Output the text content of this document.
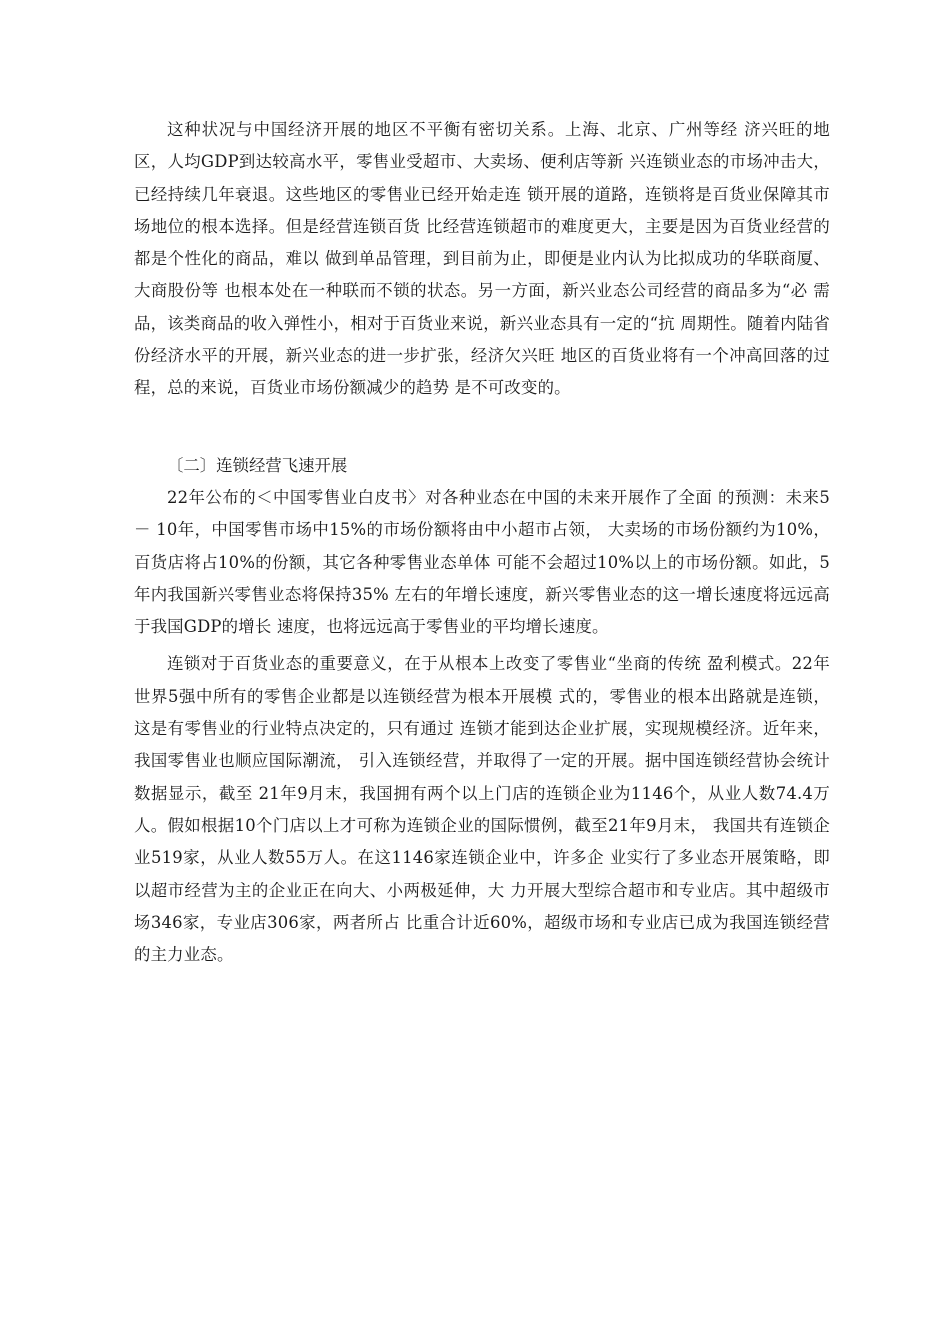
这种状况与中国经济开展的地区不平衡有密切关系。上海、北京、广州等经 济兴旺的地区，人均GDP到达较高水平，零售业受超市、大卖场、便利店等新 兴连锁业态的市场冲击大，已经持续几年衰退。这些地区的零售业已经开始走连 锁开展的道路，连锁将是百货业保障其市场地位的根本选择。但是经营连锁百货 比经营连锁超市的难度更大，主要是因为百货业经营的都是个性化的商品，难以 做到单品管理，到目前为止，即便是业内认为比拟成功的华联商厦、大商股份等 也根本处在一种联而不锁的状态。另一方面，新兴业态公司经营的商品多为“必 需品，该类商品的收入弹性小，相对于百货业来说，新兴业态具有一定的“抗 周期性。随着内陆省份经济水平的开展，新兴业态的进一步扩张，经济欠兴旺 地区的百货业将有一个冲高回落的过程，总的来说，百货业市场份额减少的趋势 是不可改变的。

〔二〕连锁经营飞速开展

22年公布的＜中国零售业白皮书〉对各种业态在中国的未来开展作了全面 的预测：未来5 － 10年，中国零售市场中15%的市场份额将由中小超市占领， 大卖场的市场份额约为10%，百货店将占10%的份额，其它各种零售业态单体 可能不会超过10%以上的市场份额。如此，5年内我国新兴零售业态将保持35% 左右的年增长速度，新兴零售业态的这一增长速度将远远高于我国GDP的增长 速度，也将远远高于零售业的平均增长速度。

连锁对于百货业态的重要意义，在于从根本上改变了零售业“坐商的传统 盈利模式。22年世界5强中所有的零售企业都是以连锁经营为根本开展模 式的，零售业的根本出路就是连锁，这是有零售业的行业特点决定的，只有通过 连锁才能到达企业扩展，实现规模经济。近年来，我国零售业也顺应国际潮流， 引入连锁经营，并取得了一定的开展。据中国连锁经营协会统计数据显示，截至 21年9月末，我国拥有两个以上门店的连锁企业为1146个，从业人数74.4万 人。假如根据10个门店以上才可称为连锁企业的国际惯例，截至21年9月末， 我国共有连锁企业519家，从业人数55万人。在这1146家连锁企业中，许多企 业实行了多业态开展策略，即以超市经营为主的企业正在向大、小两极延伸，大 力开展大型综合超市和专业店。其中超级市场346家，专业店306家，两者所占 比重合计近60%，超级市场和专业店已成为我国连锁经营的主力业态。
